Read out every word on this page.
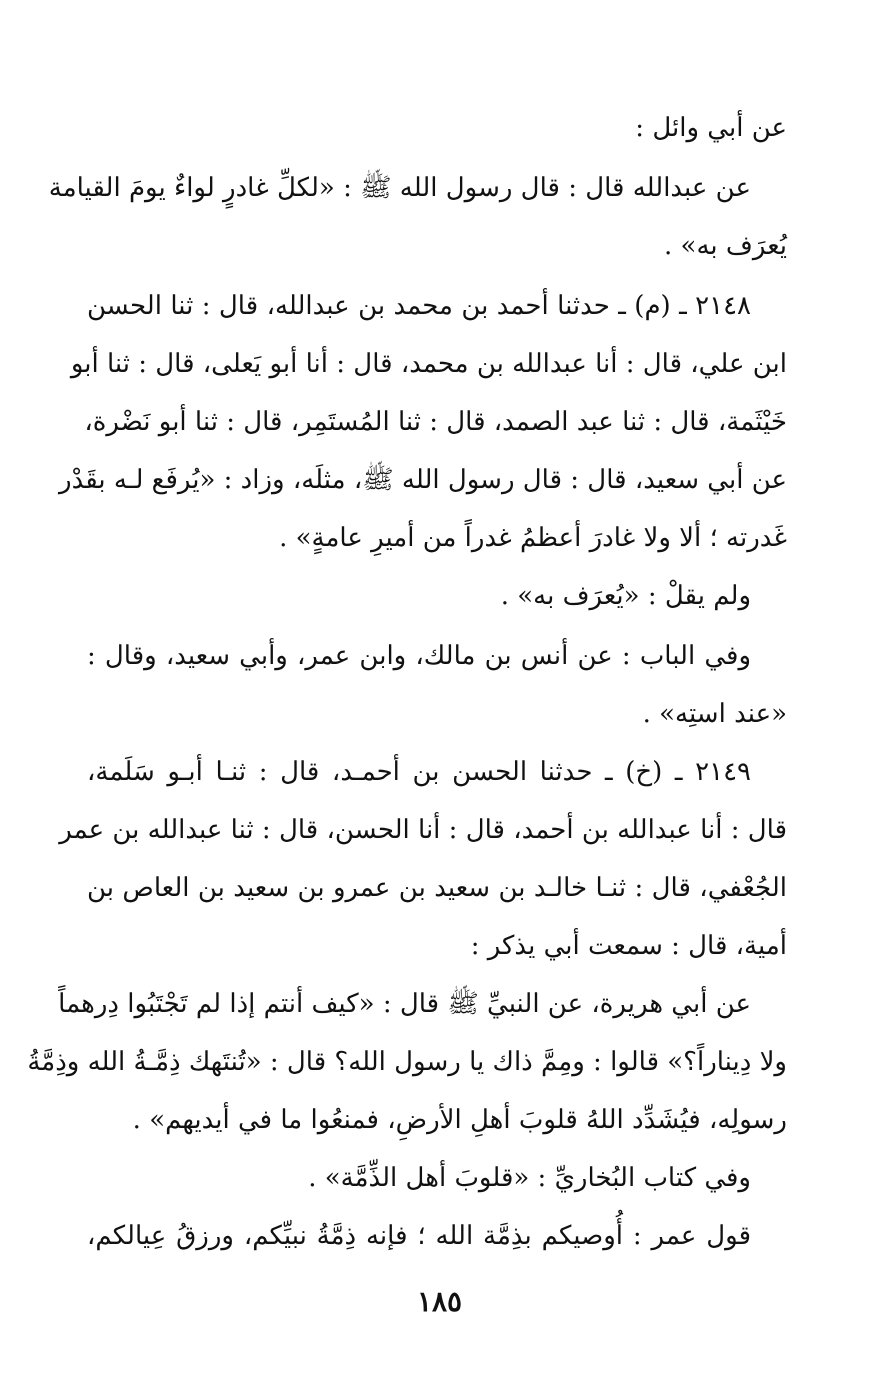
عن أبي وائل :
عن عبدالله قال : قال رسول الله ﷺ : «لكلِّ غادرٍ لواءٌ يومَ القيامة
يُعرَف به» .
٢١٤٨ ـ (م) ـ حدثنا أحمد بن محمد بن عبدالله، قال : ثنا الحسن
ابن علي، قال : أنا عبدالله بن محمد، قال : أنا أبو يَعلى، قال : ثنا أبو
خَيْثَمة، قال : ثنا عبد الصمد، قال : ثنا المُستَمِر، قال : ثنا أبو نَضْرة،
عن أبي سعيد، قال : قال رسول الله ﷺ، مثلَه، وزاد : «يُرفَع لـه بقَدْر
غَدرته ؛ ألا ولا غادرَ أعظمُ غدراً من أميرِ عامةٍ» .
ولم يقلْ : «يُعرَف به» .
وفي الباب : عن أنس بن مالك، وابن عمر، وأبي سعيد، وقال :
«عند استِه» .
٢١٤٩ ـ (خ) ـ حدثنا الحسن بن أحمـد، قال : ثنـا أبـو سَلَمة،
قال : أنا عبدالله بن أحمد، قال : أنا الحسن، قال : ثنا عبدالله بن عمر
الجُعْفي، قال : ثنـا خالـد بن سعيد بن عمرو بن سعيد بن العاص بن
أمية، قال : سمعت أبي يذكر :
عن أبي هريرة، عن النبيِّ ﷺ قال : «كيف أنتم إذا لم تَجْتَبُوا دِرهماً
ولا دِيناراً؟» قالوا : ومِمَّ ذاك يا رسول الله؟ قال : «تُنتَهك ذِمَّـةُ الله وذِمَّةُ
رسولِه، فيُشَدِّد اللهُ قلوبَ أهلِ الأرضِ، فمنعُوا ما في أيديهم» .
وفي كتاب البُخاريِّ : «قلوبَ أهل الذِّمَّة» .
قول عمر : أُوصيكم بذِمَّة الله ؛ فإنه ذِمَّةُ نبيِّكم، ورزقُ عِيالكم،
١٨٥
